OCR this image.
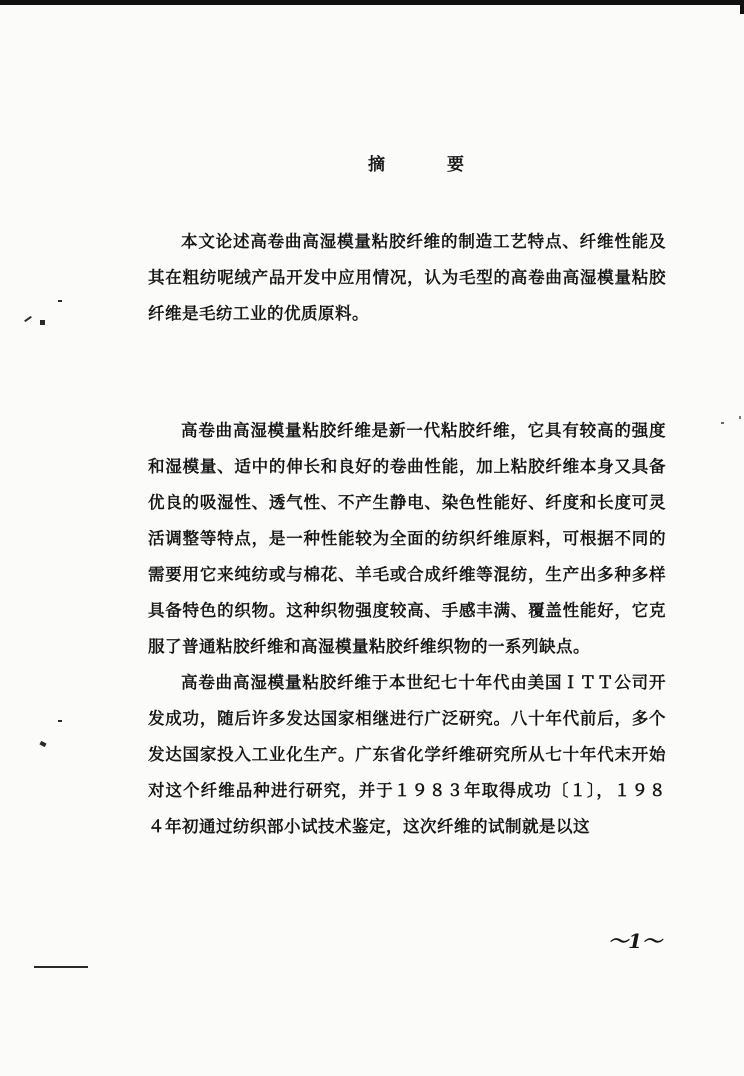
摘	要

本文论述高卷曲高湿模量粘胶纤维的制造工艺特点、纤维性能及其在粗纺呢绒产品开发中应用情况，认为毛型的高卷曲高湿模量粘胶纤维是毛纺工业的优质原料。

高卷曲高湿模量粘胶纤维是新一代粘胶纤维，它具有较高的强度和湿模量、适中的伸长和良好的卷曲性能，加上粘胶纤维本身又具备优良的吸湿性、透气性、不产生静电、染色性能好、纤度和长度可灵活调整等特点，是一种性能较为全面的纺织纤维原料，可根据不同的需要用它来纯纺或与棉花、羊毛或合成纤维等混纺，生产出多种多样具备特色的织物。这种织物强度较高、手感丰满、覆盖性能好，它克服了普通粘胶纤维和高湿模量粘胶纤维织物的一系列缺点。

高卷曲高湿模量粘胶纤维于本世纪七十年代由美国ＩＴＴ公司开发成功，随后许多发达国家相继进行广泛研究。八十年代前后，多个发达国家投入工业化生产。广东省化学纤维研究所从七十年代末开始对这个纤维品种进行研究，并于１９８３年取得成功〔１〕，１９８４年初通过纺织部小试技术鉴定，这次纤维的试制就是以这

～1～
